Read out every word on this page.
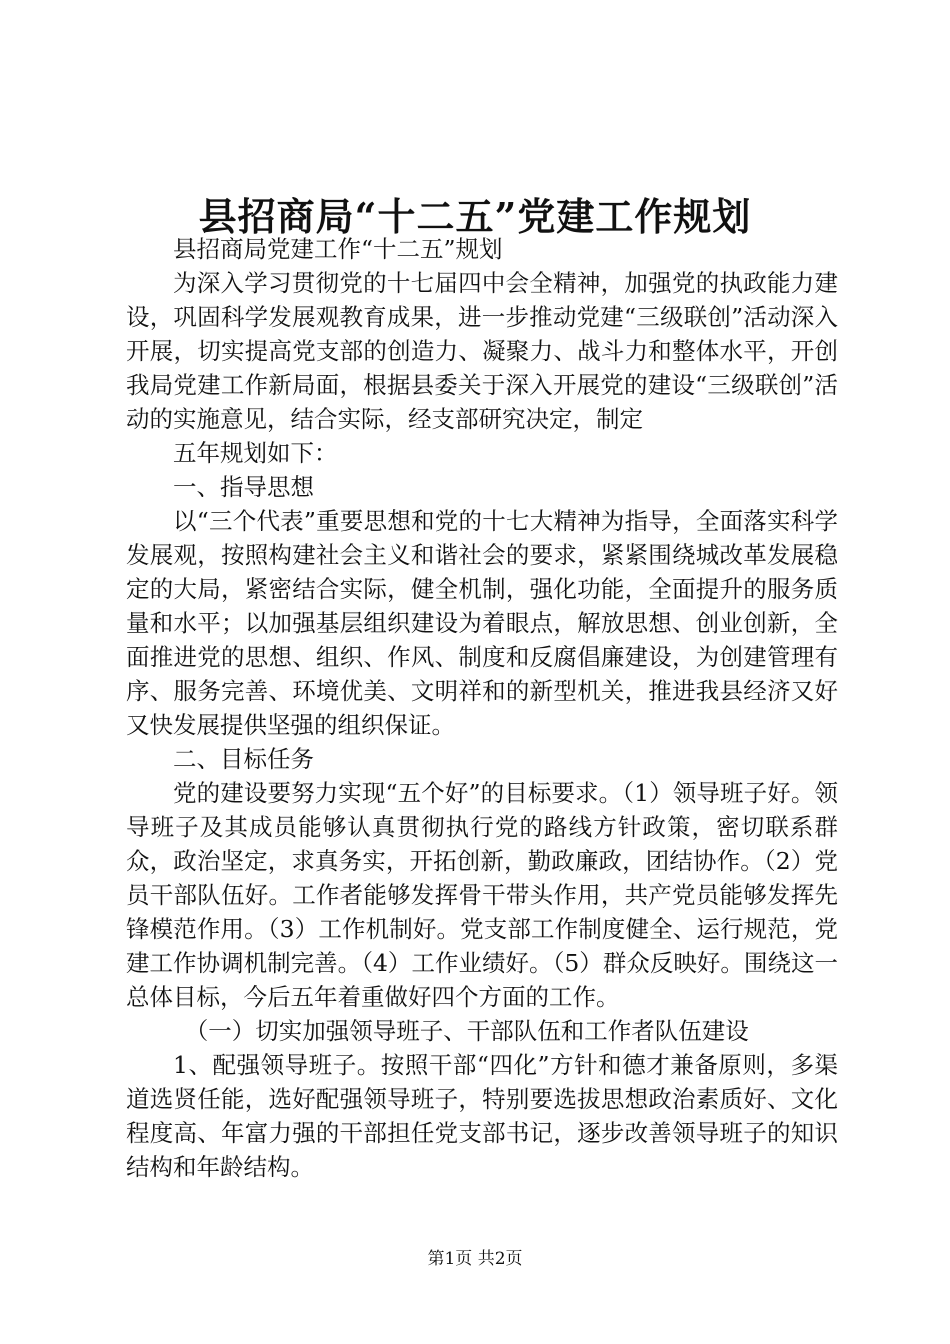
县招商局“十二五”党建工作规划

县招商局党建工作“十二五”规划

为深入学习贯彻党的十七届四中会全精神，加强党的执政能力建设，巩固科学发展观教育成果，进一步推动党建“三级联创”活动深入开展，切实提高党支部的创造力、凝聚力、战斗力和整体水平，开创我局党建工作新局面，根据县委关于深入开展党的建设“三级联创”活动的实施意见，结合实际，经支部研究决定，制定

五年规划如下：

一、指导思想

以“三个代表”重要思想和党的十七大精神为指导，全面落实科学发展观，按照构建社会主义和谐社会的要求，紧紧围绕城改革发展稳定的大局，紧密结合实际，健全机制，强化功能，全面提升的服务质量和水平；以加强基层组织建设为着眼点，解放思想、创业创新，全面推进党的思想、组织、作风、制度和反腐倡廉建设，为创建管理有序、服务完善、环境优美、文明祥和的新型机关，推进我县经济又好又快发展提供坚强的组织保证。

二、目标任务

党的建设要努力实现“五个好”的目标要求。（1）领导班子好。领导班子及其成员能够认真贯彻执行党的路线方针政策，密切联系群众，政治坚定，求真务实，开拓创新，勤政廉政，团结协作。（2）党员干部队伍好。工作者能够发挥骨干带头作用，共产党员能够发挥先锋模范作用。（3）工作机制好。党支部工作制度健全、运行规范，党建工作协调机制完善。（4）工作业绩好。（5）群众反映好。围绕这一总体目标，今后五年着重做好四个方面的工作。

（一）切实加强领导班子、干部队伍和工作者队伍建设

1、配强领导班子。按照干部“四化”方针和德才兼备原则，多渠道选贤任能，选好配强领导班子，特别要选拔思想政治素质好、文化程度高、年富力强的干部担任党支部书记，逐步改善领导班子的知识结构和年龄结构。

第1页 共2页
